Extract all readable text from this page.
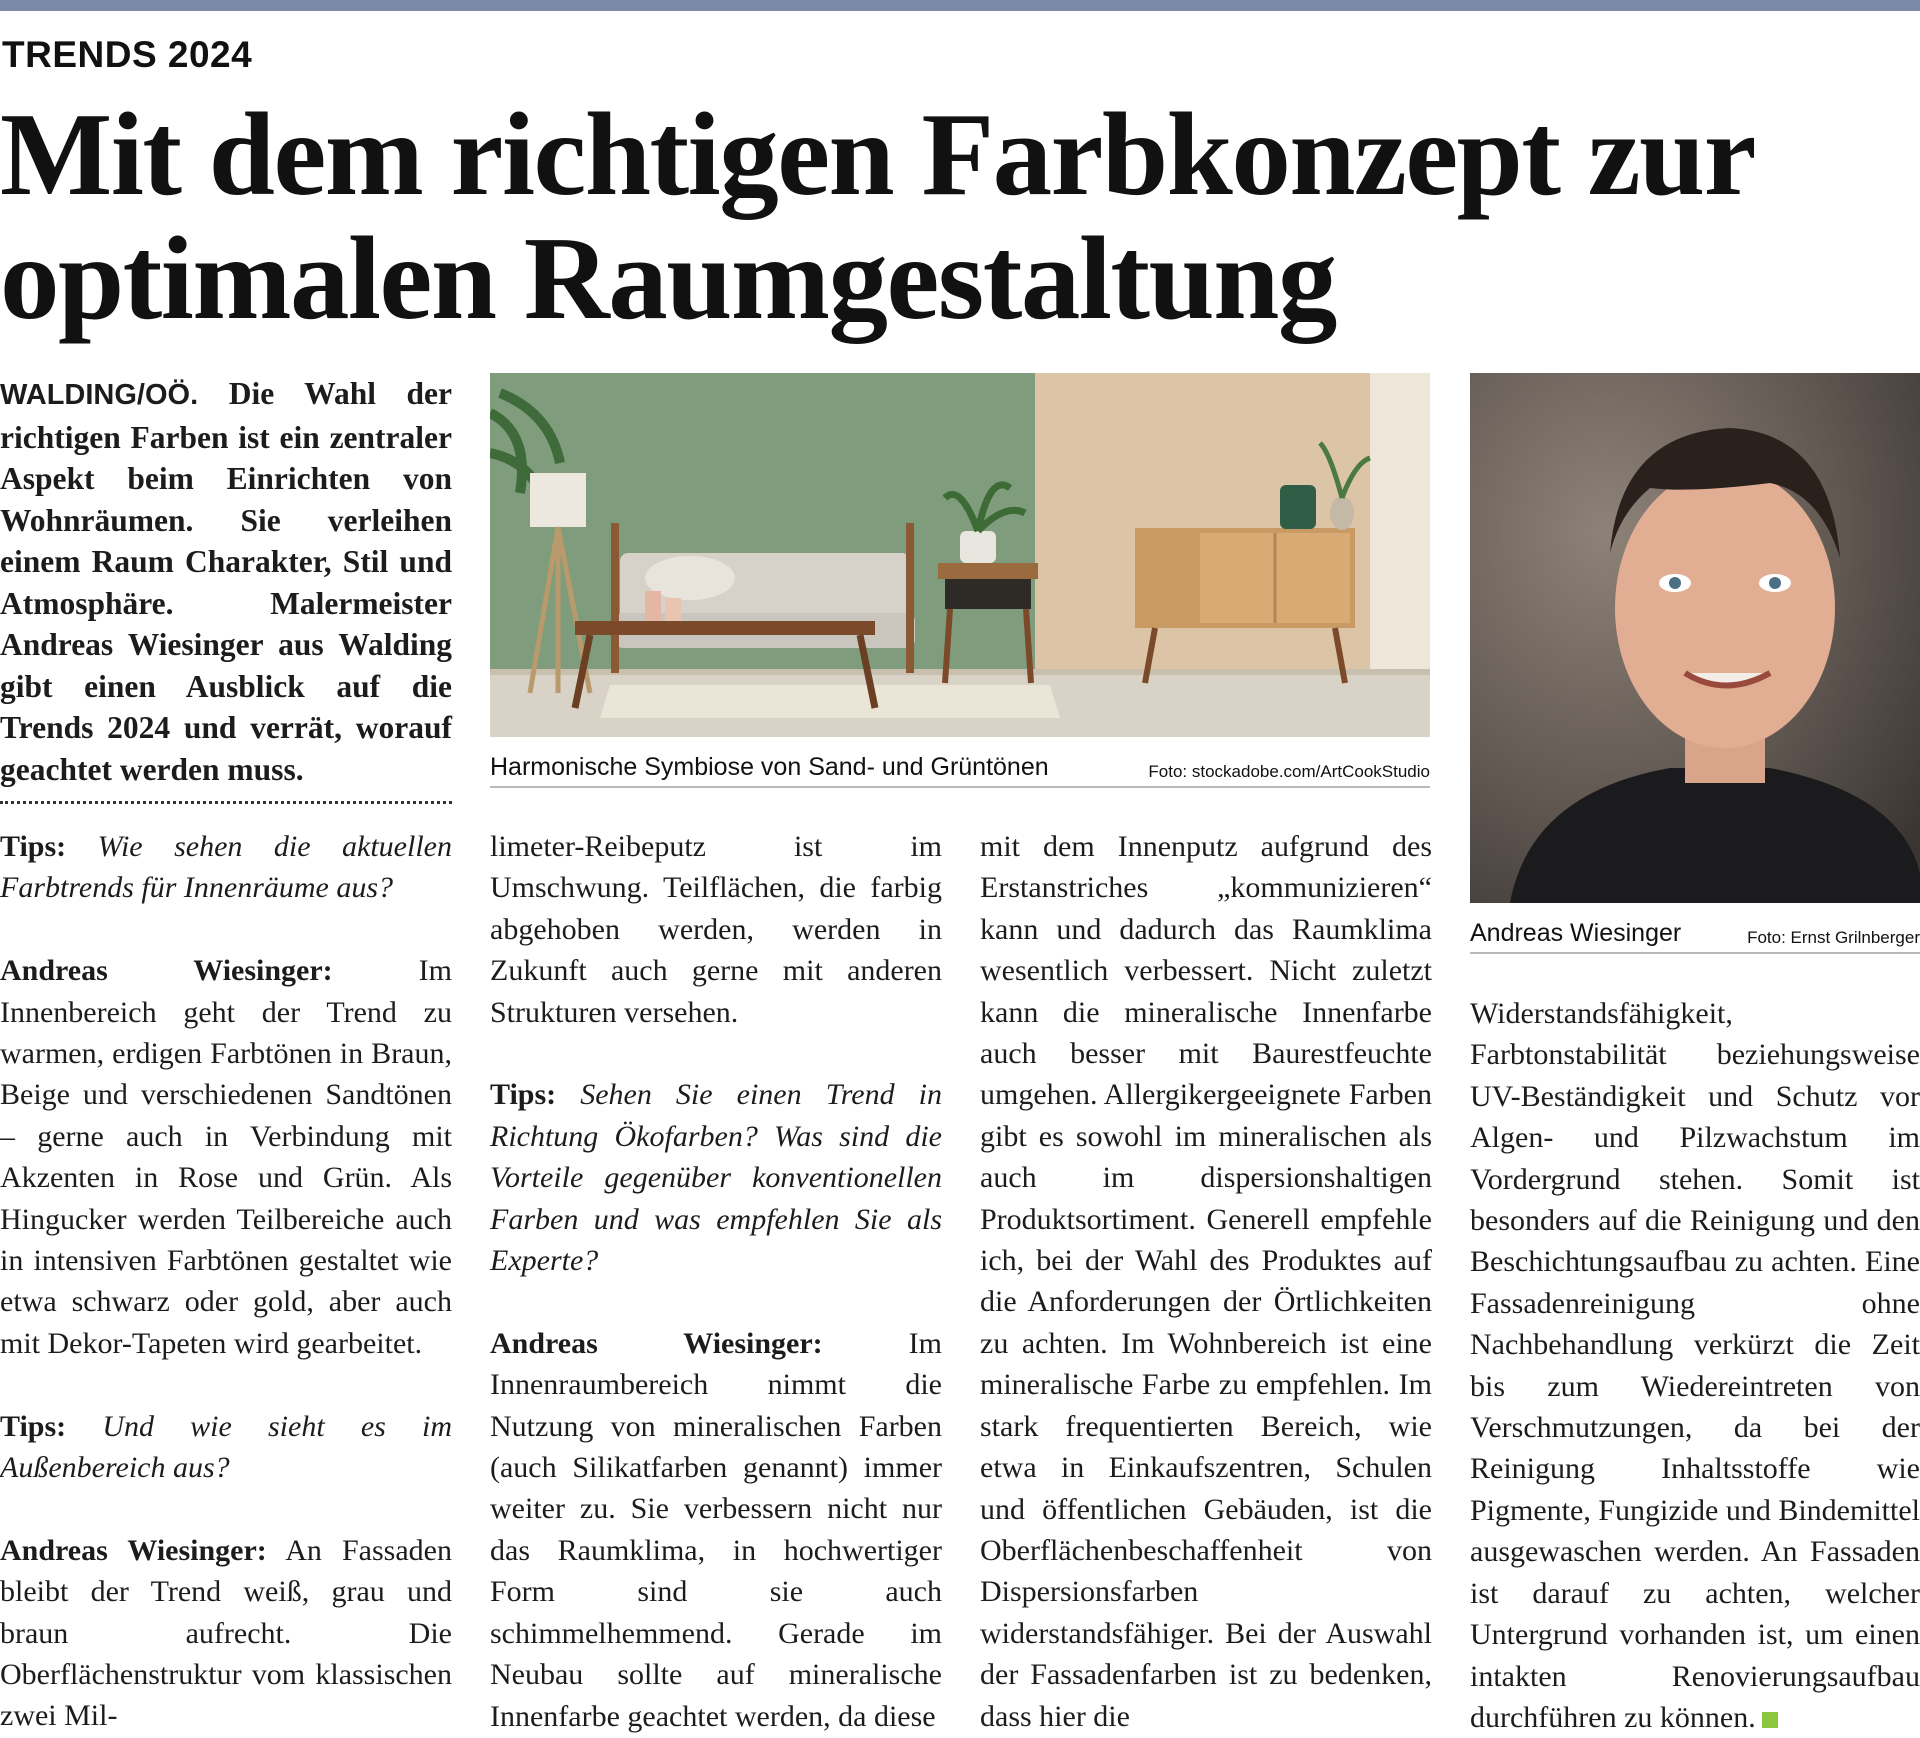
TRENDS 2024
Mit dem richtigen Farbkonzept zur
optimalen Raumgestaltung
WALDING/OÖ. Die Wahl der richtigen Farben ist ein zentraler Aspekt beim Einrichten von Wohnräumen. Sie verleihen einem Raum Charakter, Stil und Atmosphäre. Malermeister Andreas Wiesinger aus Walding gibt einen Ausblick auf die Trends 2024 und verrät, worauf geachtet werden muss.	Harmonische Symbiose von Sand- und Grüntönen	Foto: stockadobe.com/ArtCookStudio
Andreas Wiesinger	Foto: Ernst Grilnberger

Tips: Wie sehen die aktuellen Farbtrends für Innenräume aus?

Andreas Wiesinger:	Im Innenbereich geht der Trend zu warmen, erdigen Farbtönen in Braun, Beige und verschiedenen Sandtönen – gerne auch in Verbindung mit Akzenten in Rose und Grün. Als Hingucker werden Teilbereiche auch in intensiven Farbtönen gestaltet wie etwa schwarz oder gold, aber auch mit Dekor-Tapeten wird gearbeitet.

Tips: Und wie sieht es im Außenbereich aus?

Andreas Wiesinger: An Fassaden bleibt der Trend weiß, grau und braun aufrecht. Die Oberflächenstruktur vom klassischen zwei Mil-

limeter-Reibeputz ist im Umschwung. Teilflächen, die farbig abgehoben werden, werden in Zukunft auch gerne mit anderen Strukturen versehen.

Tips: Sehen Sie einen Trend in Richtung Ökofarben? Was sind die Vorteile gegenüber konventionellen Farben und was empfehlen Sie als Experte?

Andreas Wiesinger:	Im Innenraumbereich nimmt die Nutzung von mineralischen Farben (auch Silikatfarben genannt) immer weiter zu. Sie verbessern nicht nur das Raumklima, in hochwertiger Form sind sie auch schimmelhemmend. Gerade im Neubau sollte auf mineralische Innenfarbe geachtet werden, da diese

mit dem Innenputz aufgrund des Erstanstriches „kommunizieren“ kann und dadurch das Raumklima wesentlich verbessert. Nicht zuletzt kann die mineralische Innenfarbe auch besser mit Baurestfeuchte umgehen. Allergikergeeignete Farben gibt es sowohl im mineralischen als auch im dispersionshaltigen Produktsortiment. Generell empfehle ich, bei der Wahl des Produktes auf die Anforderungen der Örtlichkeiten zu achten. Im Wohnbereich ist eine mineralische Farbe zu empfehlen. Im stark frequentierten Bereich, wie etwa in Einkaufszentren, Schulen und öffentlichen Gebäuden, ist die Oberflächenbeschaffenheit von Dispersionsfarben widerstandsfähiger. Bei der Auswahl der Fassadenfarben ist zu bedenken, dass hier die

Widerstandsfähigkeit, Farbtonstabilität beziehungsweise UV-Beständigkeit und Schutz vor Algen- und Pilzwachstum im Vordergrund stehen. Somit ist besonders auf die Reinigung und den Beschichtungsaufbau zu achten. Eine Fassadenreinigung ohne Nachbehandlung verkürzt die Zeit bis zum Wiedereintreten von Verschmutzungen, da bei der Reinigung Inhaltsstoffe wie Pigmente, Fungizide und Bindemittel ausgewaschen werden. An Fassaden ist darauf zu achten, welcher Untergrund vorhanden ist, um einen intakten Renovierungsaufbau durchführen zu können.
